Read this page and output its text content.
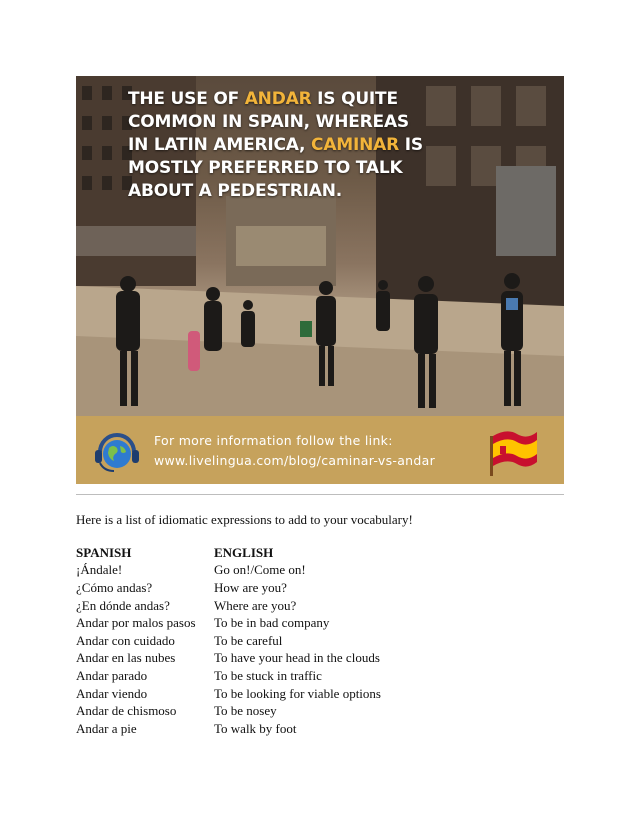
THE USE OF ANDAR IS QUITE COMMON IN SPAIN, WHEREAS IN LATIN AMERICA, CAMINAR IS MOSTLY PREFERRED TO TALK ABOUT A PEDESTRIAN.
For more information follow the link:
www.livelingua.com/blog/caminar-vs-andar
Here is a list of idiomatic expressions to add to your vocabulary!
SPANISH	ENGLISH
¡Ándale!	Go on!/Come on!
¿Cómo andas?	How are you?
¿En dónde andas?	Where are you?
Andar por malos pasos	To be in bad company
Andar con cuidado	To be careful
Andar en las nubes	To have your head in the clouds
Andar parado	To be stuck in traffic
Andar viendo	To be looking for viable options
Andar de chismoso	To be nosey
Andar a pie	To walk by foot
